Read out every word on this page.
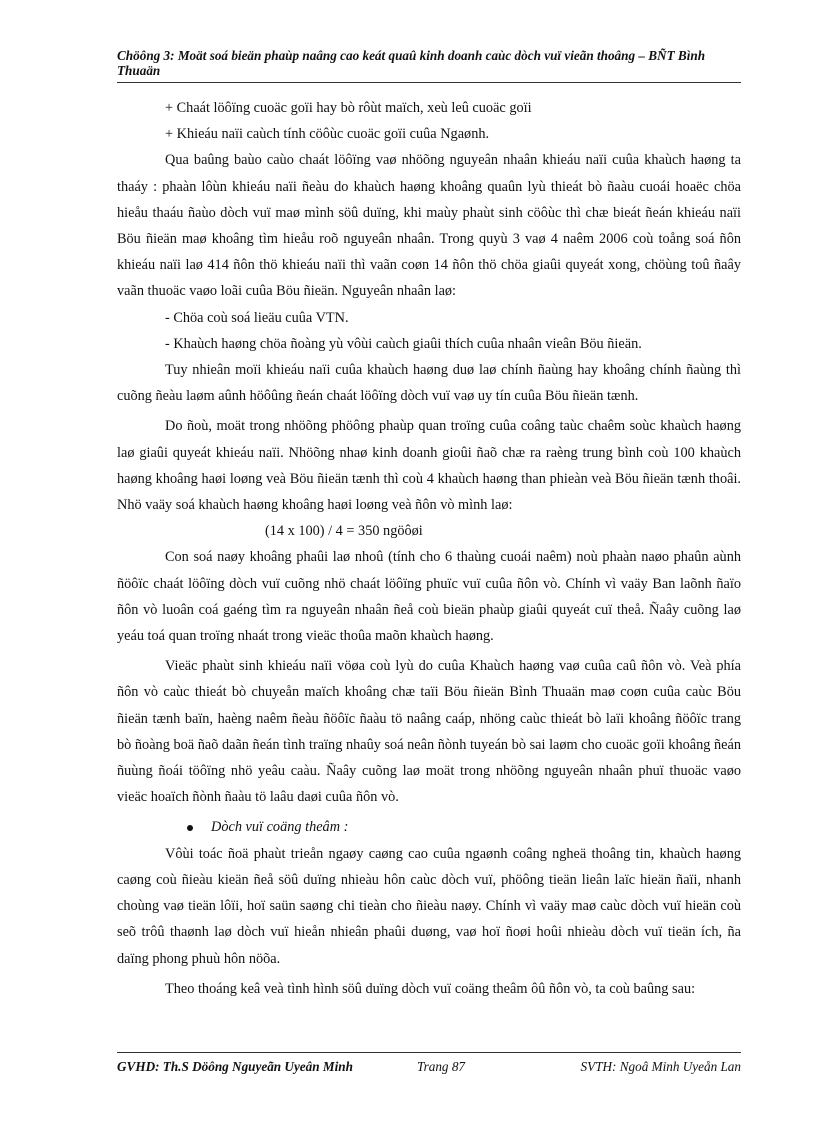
Chöông 3: Moät soá bieän phaùp naâng cao keát quaû kinh doanh caùc dòch vuï vieãn thoâng – BÑT Bình Thuaän

+ Chaát löôïng cuoäc goïi hay bò rôùt maïch, xeù leû cuoäc goïi

+ Khieáu naïi caùch tính cöôùc cuoäc goïi cuûa Ngaønh.

Qua baûng baùo caùo chaát löôïng vaø nhöõng nguyeân nhaân khieáu naïi cuûa khaùch haøng ta thaáy : phaàn lôùn khieáu naïi ñeàu do khaùch haøng khoâng quaûn lyù thieát bò ñaàu cuoái hoaëc chöa hieåu thaáu ñaùo dòch vuï maø mình söû duïng, khi maùy phaùt sinh cöôùc thì chæ bieát ñeán khieáu naïi Böu ñieän maø khoâng tìm hieåu roõ nguyeân nhaân. Trong quyù 3 vaø 4 naêm 2006 coù toång soá ñôn khieáu naïi laø 414 ñôn thö khieáu naïi thì vaãn coøn 14 ñôn thö chöa giaûi quyeát xong, chöùng toû ñaây vaãn thuoäc vaøo loãi cuûa Böu ñieän. Nguyeân nhaân laø:

- Chöa coù soá lieäu cuûa VTN.

- Khaùch haøng chöa ñoàng yù vôùi caùch giaûi thích cuûa nhaân vieân Böu ñieän.

Tuy nhieân moïi khieáu naïi cuûa khaùch haøng duø laø chính ñaùng hay khoâng chính ñaùng thì cuõng ñeàu laøm aûnh höôûng ñeán chaát löôïng dòch vuï vaø uy tín cuûa Böu ñieän tænh.

Do ñoù, moät trong nhöõng phöông phaùp quan troïng cuûa coâng taùc chaêm soùc khaùch haøng laø giaûi quyeát khieáu naïi. Nhöõng nhaø kinh doanh gioûi ñaõ chæ ra raèng trung bình coù 100 khaùch haøng khoâng haøi loøng veà Böu ñieän tænh thì coù 4 khaùch haøng than phieàn veà Böu ñieän tænh thoâi. Nhö vaäy soá khaùch haøng khoâng haøi loøng veà ñôn vò mình laø:

(14 x 100) / 4 = 350 ngöôøi

Con soá naøy khoâng phaûi laø nhoû (tính cho 6 thaùng cuoái naêm) noù phaàn naøo phaûn aùnh ñöôïc chaát löôïng dòch vuï cuõng nhö chaát löôïng phuïc vuï cuûa ñôn vò. Chính vì vaäy Ban laõnh ñaïo ñôn vò luoân coá gaéng tìm ra nguyeân nhaân ñeå coù bieän phaùp giaûi quyeát cuï theå. Ñaây cuõng laø yeáu toá quan troïng nhaát trong vieäc thoûa maõn khaùch haøng.

Vieäc phaùt sinh khieáu naïi vöøa coù lyù do cuûa Khaùch haøng vaø cuûa caû ñôn vò. Veà phía ñôn vò caùc thieát bò chuyeån maïch khoâng chæ taïi Böu ñieän Bình Thuaän maø coøn cuûa caùc Böu ñieän tænh baïn, haèng naêm ñeàu ñöôïc ñaàu tö naâng caáp, nhöng caùc thieát bò laïi khoâng ñöôïc trang bò ñoàng boä ñaõ daãn ñeán tình traïng nhaûy soá neân ñònh tuyeán bò sai laøm cho cuoäc goïi khoâng ñeán ñuùng ñoái töôïng nhö yeâu caàu. Ñaây cuõng laø moät trong nhöõng nguyeân nhaân phuï thuoäc vaøo vieäc hoaïch ñònh ñaàu tö laâu daøi cuûa ñôn vò.

Dòch vuï coäng theâm :

Vôùi toác ñoä phaùt trieån ngaøy caøng cao cuûa ngaønh coâng ngheä thoâng tin, khaùch haøng caøng coù ñieàu kieän ñeå söû duïng nhieàu hôn caùc dòch vuï, phöông tieän lieân laïc hieän ñaïi, nhanh choùng vaø tieän lôïi, hoï saün saøng chi tieàn cho ñieàu naøy. Chính vì vaäy maø caùc dòch vuï hieän coù seõ trôû thaønh laø dòch vuï hieån nhieân phaûi duøng, vaø hoï ñoøi hoûi nhieàu dòch vuï tieän ích, ña daïng phong phuù hôn nöõa.

Theo thoáng keâ veà tình hình söû duïng dòch vuï coäng theâm ôû ñôn vò, ta coù baûng sau:

GVHD: Th.S Döông Nguyeãn Uyeân Minh	Trang 87	SVTH: Ngoâ Minh Uyeån Lan
